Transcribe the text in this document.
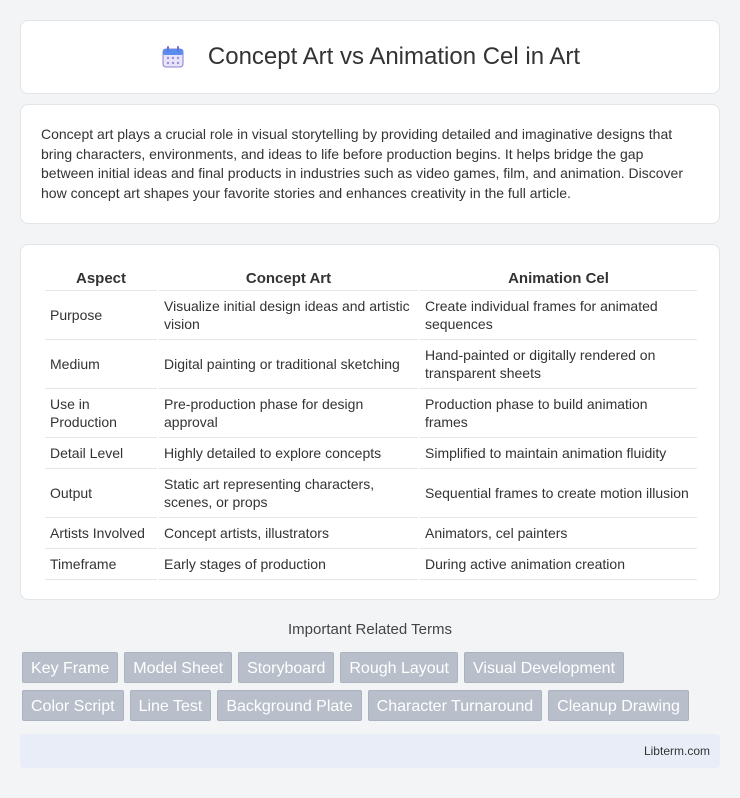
Concept Art vs Animation Cel in Art

Concept art plays a crucial role in visual storytelling by providing detailed and imaginative designs that bring characters, environments, and ideas to life before production begins. It helps bridge the gap between initial ideas and final products in industries such as video games, film, and animation. Discover how concept art shapes your favorite stories and enhances creativity in the full article.

Aspect	Concept Art	Animation Cel
Purpose	Visualize initial design ideas and artistic vision	Create individual frames for animated sequences
Medium	Digital painting or traditional sketching	Hand-painted or digitally rendered on transparent sheets
Use in Production	Pre-production phase for design approval	Production phase to build animation frames
Detail Level	Highly detailed to explore concepts	Simplified to maintain animation fluidity
Output	Static art representing characters, scenes, or props	Sequential frames to create motion illusion
Artists Involved	Concept artists, illustrators	Animators, cel painters
Timeframe	Early stages of production	During active animation creation
Important Related Terms
Key Frame	Model Sheet	Storyboard	Rough Layout	Visual Development
Color Script	Line Test	Background Plate	Character Turnaround	Cleanup Drawing
Libterm.com
